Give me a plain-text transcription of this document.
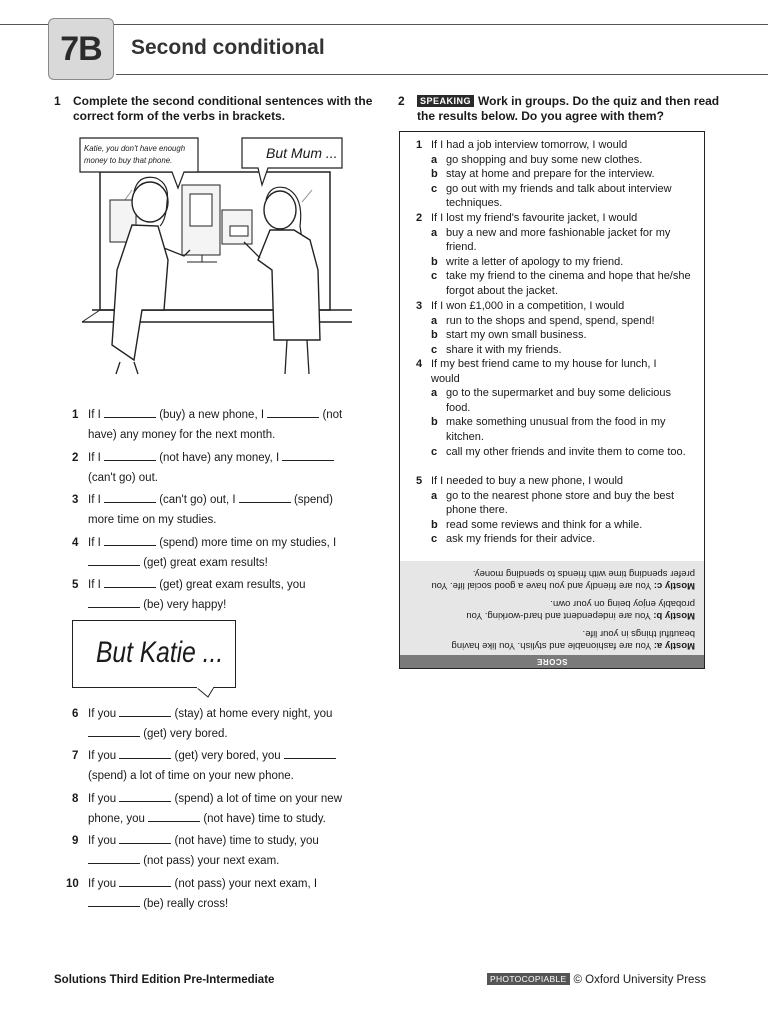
7B Second conditional
1 Complete the second conditional sentences with the correct form of the verbs in brackets.
Katie, you don't have enough money to buy that phone.	But Mum ...
1 If I	(buy) a new phone, I	(not
have) any money for the next month.
2 If I	(not have) any money, I
(can't go) out.
3 If I	(can't go) out, I	(spend)
more time on my studies.
4 If I	(spend) more time on my studies, I
(get) great exam results!
5 If I	(get) great exam results, you
(be) very happy!
But Katie ...
6 If you	(stay) at home every night, you
(get) very bored.
7 If you	(get) very bored, you
(spend) a lot of time on your new phone.
8 If you	(spend) a lot of time on your new
phone, you	(not have) time to study.
9 If you	(not have) time to study, you
(not pass) your next exam.
10 If you	(not pass) your next exam, I
(be) really cross!
2	SPEAKING Work in groups. Do the quiz and then read
the results below. Do you agree with them?
1 If I had a job interview tomorrow, I would
a go shopping and buy some new clothes.
b stay at home and prepare for the interview.
c go out with my friends and talk about interview techniques.
2 If I lost my friend's favourite jacket, I would
a buy a new and more fashionable jacket for my friend.
b write a letter of apology to my friend.
c take my friend to the cinema and hope that he/she forgot about the jacket.
3 If I won £1,000 in a competition, I would
a run to the shops and spend, spend, spend!
b start my own small business.
c share it with my friends.
4 If my best friend came to my house for lunch, I would
a go to the supermarket and buy some delicious food.
b make something unusual from the food in my kitchen.
c call my other friends and invite them to come too.
5 If I needed to buy a new phone, I would
a go to the nearest phone store and buy the best phone there.
b read some reviews and think for a while.
c ask my friends for their advice.
SCORE
Mostly a: You are fashionable and stylish. You like having
beautiful things in your life.
Mostly b: You are independent and hard-working. You
probably enjoy being on your own.
Mostly c: You are friendly and you have a good social life. You
prefer spending time with friends to spending money.
Solutions Third Edition Pre-Intermediate	PHOTOCOPIABLE © Oxford University Press
